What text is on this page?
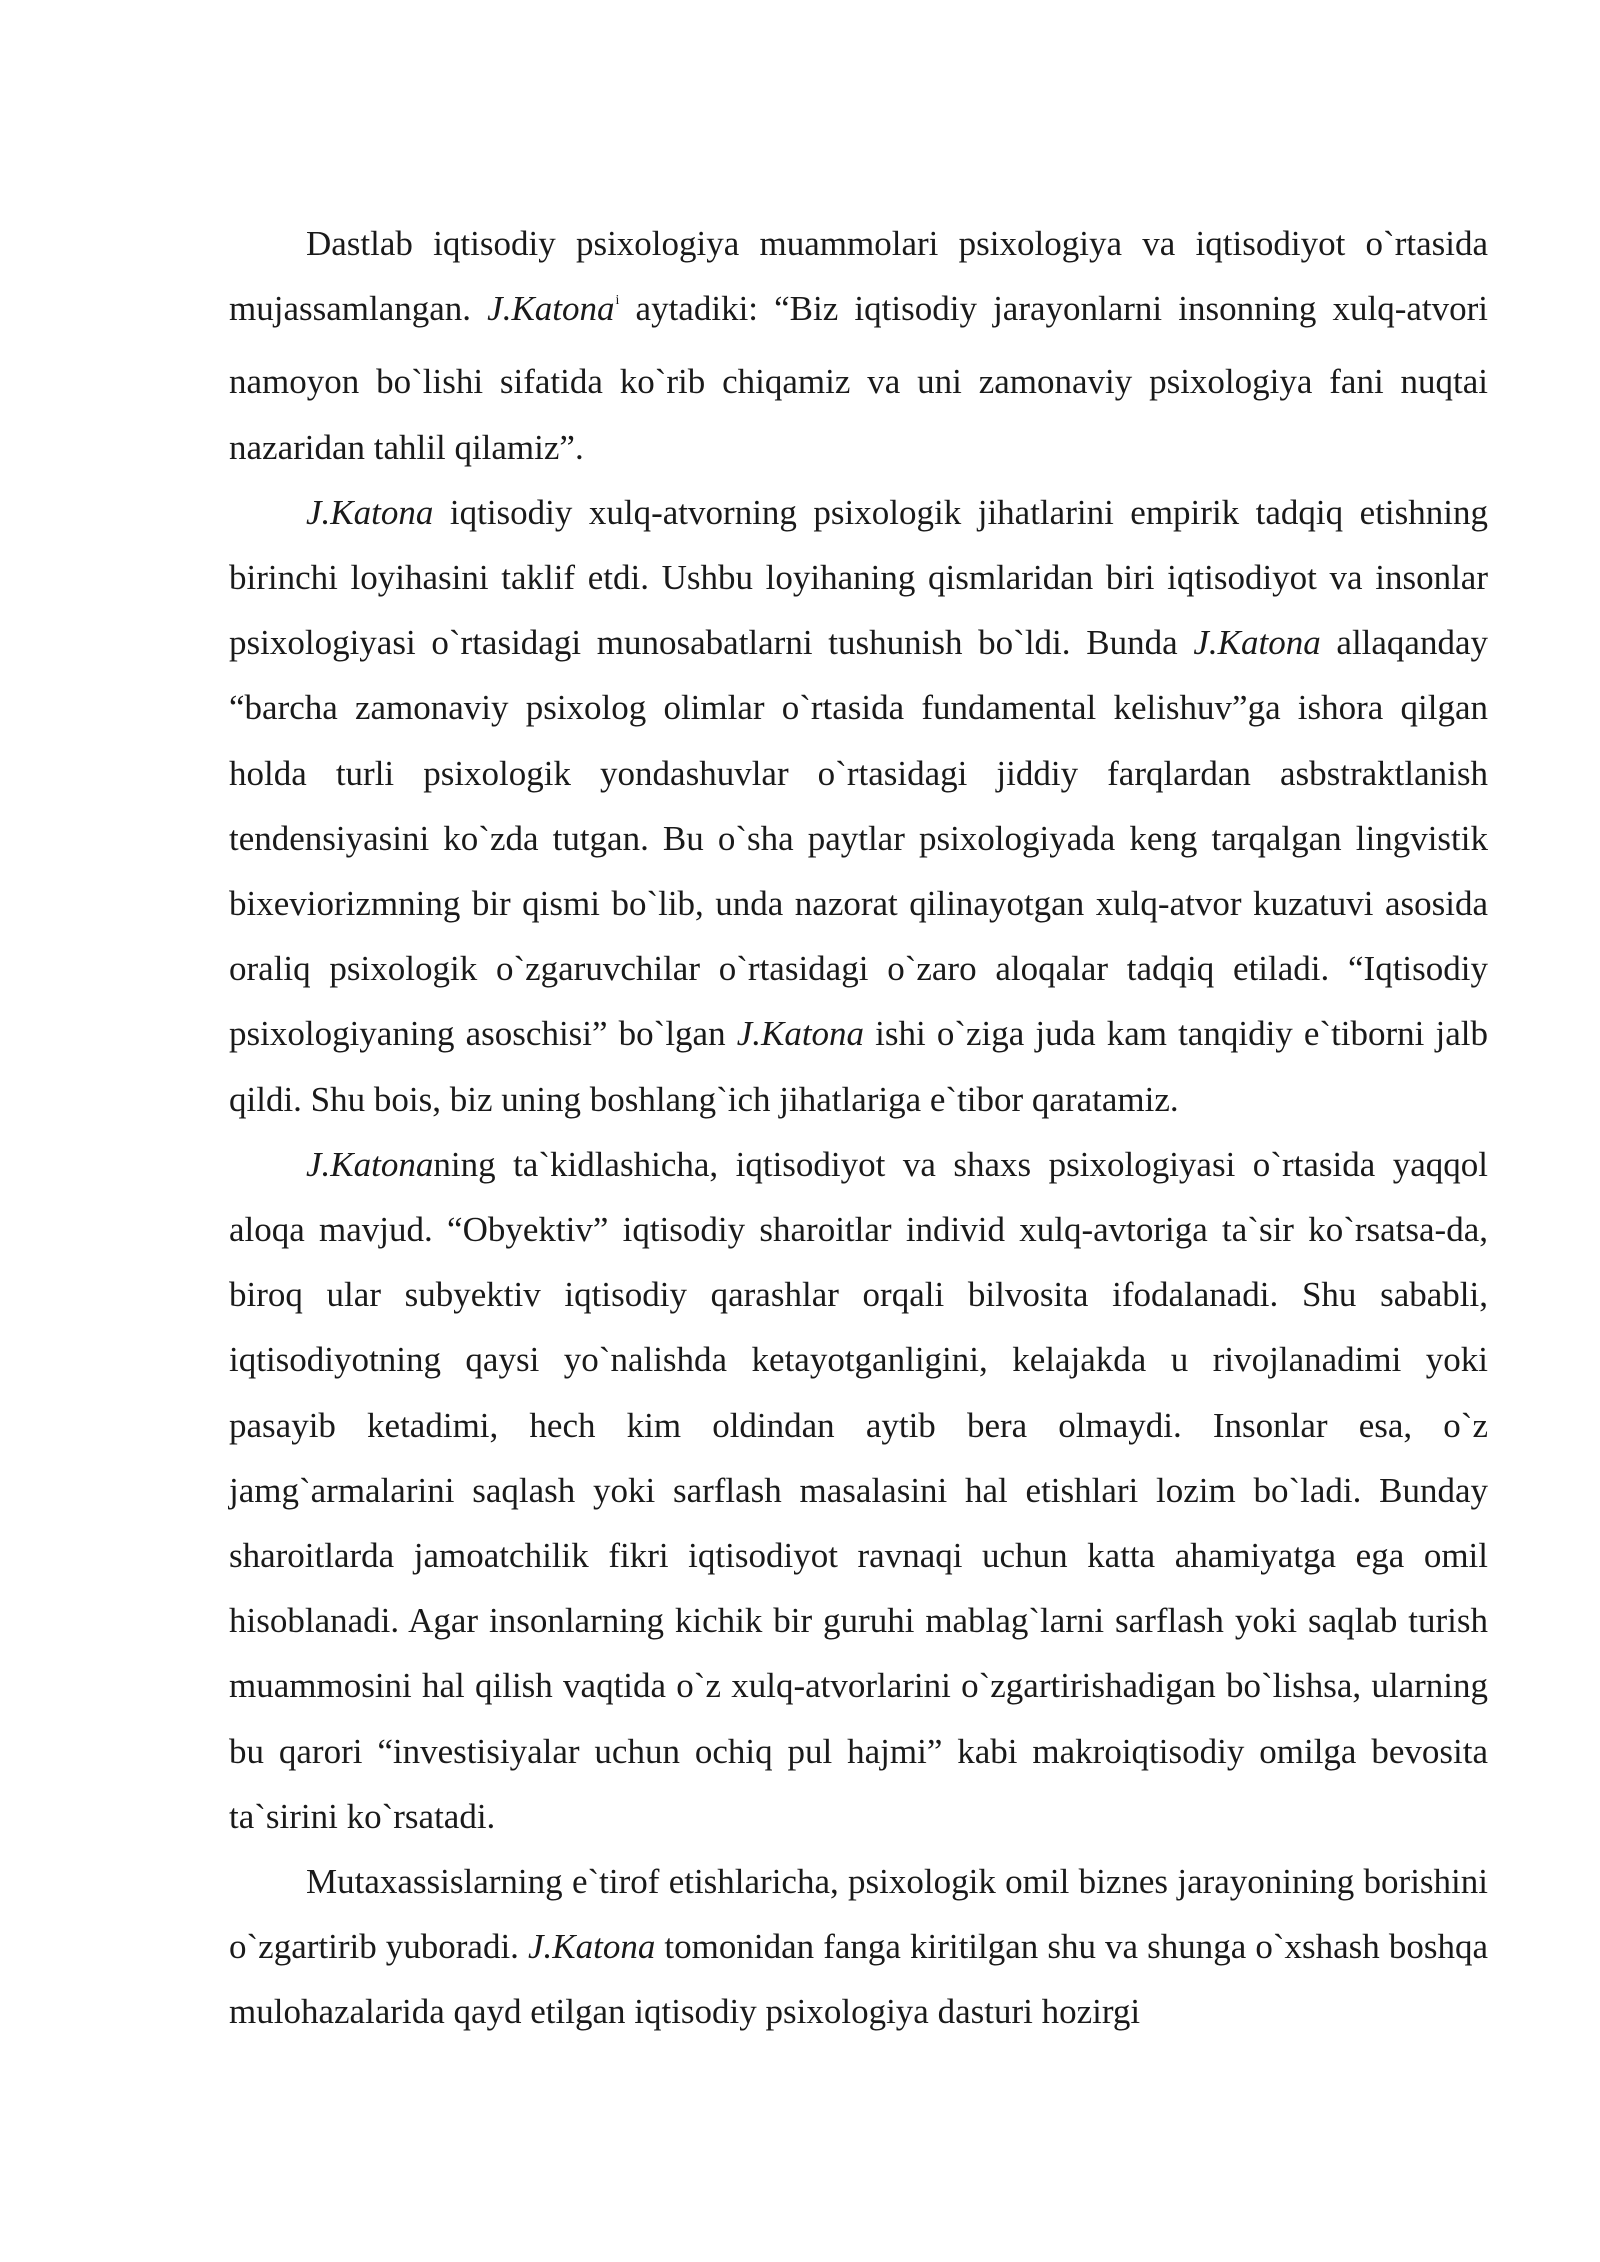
Dastlab iqtisodiy psixologiya muammolari psixologiya va iqtisodiyot o`rtasida mujassamlangan. J.Katona$^i$ aytadiki: “Biz iqtisodiy jarayonlarni insonning xulq-atvori namoyon bo`lishi sifatida ko`rib chiqamiz va uni zamonaviy psixologiya fani nuqtai nazaridan tahlil qilamiz”.

J.Katona iqtisodiy xulq-atvorning psixologik jihatlarini empirik tadqiq etishning birinchi loyihasini taklif etdi. Ushbu loyihaning qismlaridan biri iqtisodiyot va insonlar psixologiyasi o`rtasidagi munosabatlarni tushunish bo`ldi. Bunda J.Katona allaqanday “barcha zamonaviy psixolog olimlar o`rtasida fundamental kelishuv”ga ishora qilgan holda turli psixologik yondashuvlar o`rtasidagi jiddiy farqlardan asbstraktlanish tendensiyasini ko`zda tutgan. Bu o`sha paytlar psixologiyada keng tarqalgan lingvistik bixeviorizmning bir qismi bo`lib, unda nazorat qilinayotgan xulq-atvor kuzatuvi asosida oraliq psixologik o`zgaruvchilar o`rtasidagi o`zaro aloqalar tadqiq etiladi. “Iqtisodiy psixologiyaning asoschisi” bo`lgan J.Katona ishi o`ziga juda kam tanqidiy e`tiborni jalb qildi. Shu bois, biz uning boshlang`ich jihatlariga e`tibor qaratamiz.

J.Katonaning ta`kidlashicha, iqtisodiyot va shaxs psixologiyasi o`rtasida yaqqol aloqa mavjud. “Obyektiv” iqtisodiy sharoitlar individ xulq-avtoriga ta`sir ko`rsatsa-da, biroq ular subyektiv iqtisodiy qarashlar orqali bilvosita ifodalanadi. Shu sababli, iqtisodiyotning qaysi yo`nalishda ketayotganligini, kelajakda u rivojlanadimi yoki pasayib ketadimi, hech kim oldindan aytib bera olmaydi. Insonlar esa, o`z jamg`armalarini saqlash yoki sarflash masalasini hal etishlari lozim bo`ladi. Bunday sharoitlarda jamoatchilik fikri iqtisodiyot ravnaqi uchun katta ahamiyatga ega omil hisoblanadi. Agar insonlarning kichik bir guruhi mablag`larni sarflash yoki saqlab turish muammosini hal qilish vaqtida o`z xulq-atvorlarini o`zgartirishadigan bo`lishsa, ularning bu qarori “investisiyalar uchun ochiq pul hajmi” kabi makroiqtisodiy omilga bevosita ta`sirini ko`rsatadi.

Mutaxassislarning e`tirof etishlaricha, psixologik omil biznes jarayonining borishini o`zgartirib yuboradi. J.Katona tomonidan fanga kiritilgan shu va shunga o`xshash boshqa mulohazalarida qayd etilgan iqtisodiy psixologiya dasturi hozirgi
